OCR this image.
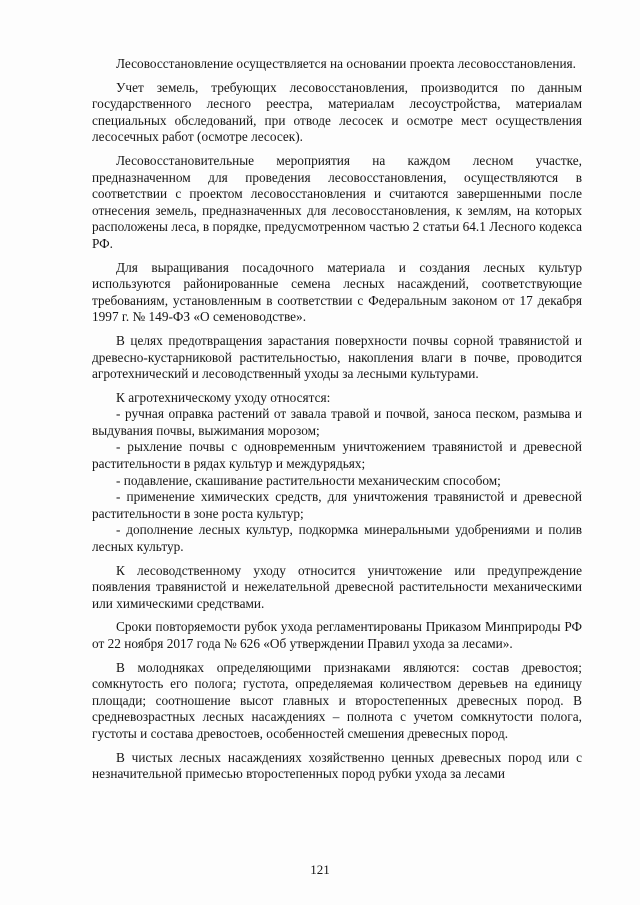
Лесовосстановление осуществляется на основании проекта лесовосстановления.

Учет земель, требующих лесовосстановления, производится по данным государственного лесного реестра, материалам лесоустройства, материалам специальных обследований, при отводе лесосек и осмотре мест осуществления лесосечных работ (осмотре лесосек).

Лесовосстановительные мероприятия на каждом лесном участке, предназначенном для проведения лесовосстановления, осуществляются в соответствии с проектом лесовосстановления и считаются завершенными после отнесения земель, предназначенных для лесовосстановления, к землям, на которых расположены леса, в порядке, предусмотренном частью 2 статьи 64.1 Лесного кодекса РФ.

Для выращивания посадочного материала и создания лесных культур используются районированные семена лесных насаждений, соответствующие требованиям, установленным в соответствии с Федеральным законом от 17 декабря 1997 г. № 149-ФЗ «О семеноводстве».

В целях предотвращения зарастания поверхности почвы сорной травянистой и древесно-кустарниковой растительностью, накопления влаги в почве, проводится агротехнический и лесоводственный уходы за лесными культурами.

К агротехническому уходу относятся:

- ручная оправка растений от завала травой и почвой, заноса песком, размыва и выдувания почвы, выжимания морозом;

- рыхление почвы с одновременным уничтожением травянистой и древесной растительности в рядах культур и междурядьях;

- подавление, скашивание растительности механическим способом;

- применение химических средств, для уничтожения травянистой и древесной растительности в зоне роста культур;

- дополнение лесных культур, подкормка минеральными удобрениями и полив лесных культур.

К лесоводственному уходу относится уничтожение или предупреждение появления травянистой и нежелательной древесной растительности механическими или химическими средствами.

Сроки повторяемости рубок ухода регламентированы Приказом Минприроды РФ от 22 ноября 2017 года № 626 «Об утверждении Правил ухода за лесами».

В молодняках определяющими признаками являются: состав древостоя; сомкнутость его полога; густота, определяемая количеством деревьев на единицу площади; соотношение высот главных и второстепенных древесных пород. В средневозрастных лесных насаждениях – полнота с учетом сомкнутости полога, густоты и состава древостоев, особенностей смешения древесных пород.

В чистых лесных насаждениях хозяйственно ценных древесных пород или с незначительной примесью второстепенных пород рубки ухода за лесами

121
